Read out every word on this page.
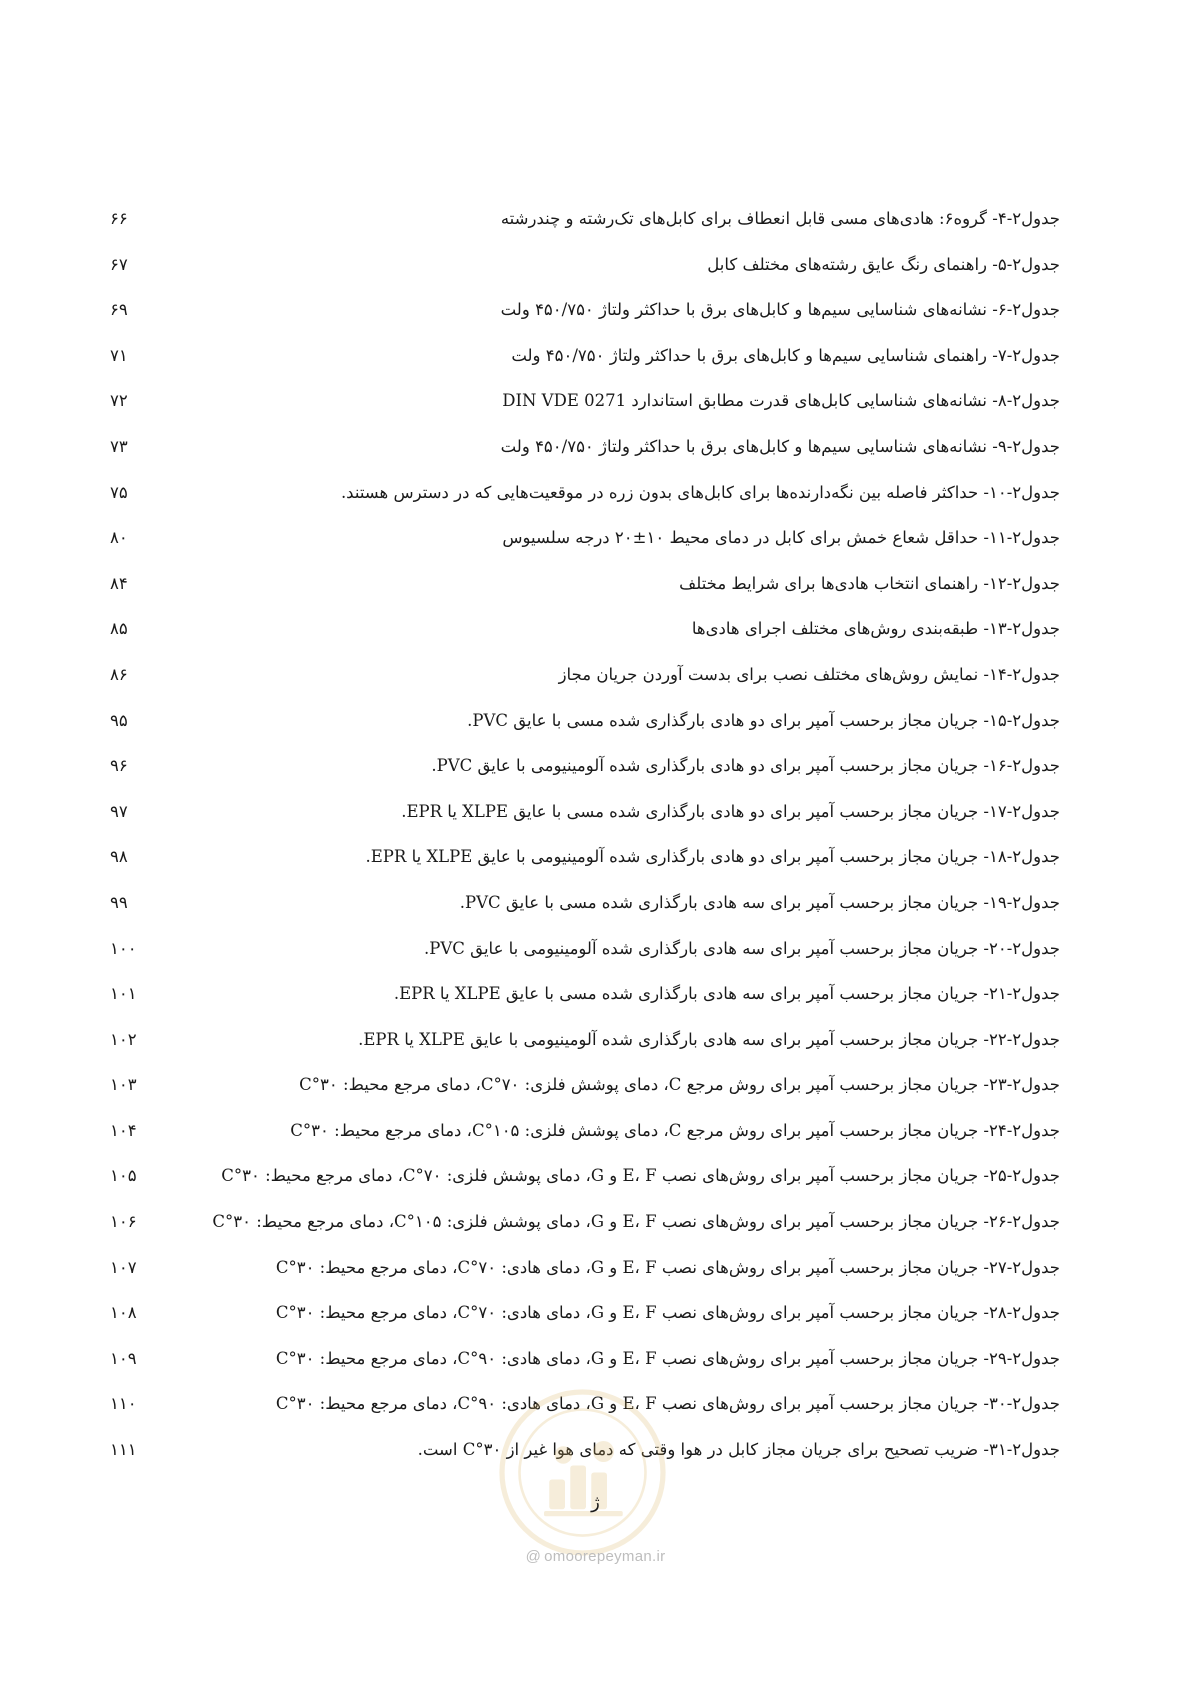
۶۶	جدول۲-۴- گروه۶: هادی‌های مسی قابل انعطاف برای کابل‌های تک‌رشته و چندرشته
۶۷	جدول۲-۵- راهنمای رنگ عایق رشته‌های مختلف کابل
۶۹	جدول۲-۶- نشانه‌های شناسایی سیم‌ها و کابل‌های برق با حداکثر ولتاژ ۴۵۰/۷۵۰ ولت
۷۱	جدول۲-۷- راهنمای شناسایی سیم‌ها و کابل‌های برق با حداکثر ولتاژ ۴۵۰/۷۵۰ ولت
۷۲	جدول۲-۸- نشانه‌های شناسایی کابل‌های قدرت مطابق استاندارد DIN VDE 0271
۷۳	جدول۲-۹- نشانه‌های شناسایی سیم‌ها و کابل‌های برق با حداکثر ولتاژ ۴۵۰/۷۵۰ ولت
۷۵	جدول۲-۱۰- حداکثر فاصله بین نگه‌دارنده‌ها برای کابل‌های بدون زره در موقعیت‌هایی که در دسترس هستند.
۸۰	جدول۲-۱۱- حداقل شعاع خمش برای کابل در دمای محیط ۱۰±۲۰ درجه سلسیوس
۸۴	جدول۲-۱۲- راهنمای انتخاب هادی‌ها برای شرایط مختلف
۸۵	جدول۲-۱۳- طبقه‌بندی روش‌های مختلف اجرای هادی‌ها
۸۶	جدول۲-۱۴- نمایش روش‌های مختلف نصب برای بدست آوردن جریان مجاز
۹۵	جدول۲-۱۵- جریان مجاز برحسب آمپر برای دو هادی بارگذاری شده مسی با عایق PVC.
۹۶	جدول۲-۱۶- جریان مجاز برحسب آمپر برای دو هادی بارگذاری شده آلومینیومی با عایق PVC.
۹۷	جدول۲-۱۷- جریان مجاز برحسب آمپر برای دو هادی بارگذاری شده مسی با عایق XLPE یا EPR.
۹۸	جدول۲-۱۸- جریان مجاز برحسب آمپر برای دو هادی بارگذاری شده آلومینیومی با عایق XLPE یا EPR.
۹۹	جدول۲-۱۹- جریان مجاز برحسب آمپر برای سه هادی بارگذاری شده مسی با عایق PVC.
۱۰۰	جدول۲-۲۰- جریان مجاز برحسب آمپر برای سه هادی بارگذاری شده آلومینیومی با عایق PVC.
۱۰۱	جدول۲-۲۱- جریان مجاز برحسب آمپر برای سه هادی بارگذاری شده مسی با عایق XLPE یا EPR.
۱۰۲	جدول۲-۲۲- جریان مجاز برحسب آمپر برای سه هادی بارگذاری شده آلومینیومی با عایق XLPE یا EPR.
۱۰۳	جدول۲-۲۳- جریان مجاز برحسب آمپر برای روش مرجع C، دمای پوشش فلزی: ۷۰°C، دمای مرجع محیط: ۳۰°C
۱۰۴	جدول۲-۲۴- جریان مجاز برحسب آمپر برای روش مرجع C، دمای پوشش فلزی: ۱۰۵°C، دمای مرجع محیط: ۳۰°C
۱۰۵	جدول۲-۲۵- جریان مجاز برحسب آمپر برای روش‌های نصب E، F و G، دمای پوشش فلزی: ۷۰°C، دمای مرجع محیط: ۳۰°C
۱۰۶	جدول۲-۲۶- جریان مجاز برحسب آمپر برای روش‌های نصب E، F و G، دمای پوشش فلزی: ۱۰۵°C، دمای مرجع محیط: ۳۰°C
۱۰۷	جدول۲-۲۷- جریان مجاز برحسب آمپر برای روش‌های نصب E، F و G، دمای هادی: ۷۰°C، دمای مرجع محیط: ۳۰°C
۱۰۸	جدول۲-۲۸- جریان مجاز برحسب آمپر برای روش‌های نصب E، F و G، دمای هادی: ۷۰°C، دمای مرجع محیط: ۳۰°C
۱۰۹	جدول۲-۲۹- جریان مجاز برحسب آمپر برای روش‌های نصب E، F و G، دمای هادی: ۹۰°C، دمای مرجع محیط: ۳۰°C
۱۱۰	جدول۲-۳۰- جریان مجاز برحسب آمپر برای روش‌های نصب E، F و G، دمای هادی: ۹۰°C، دمای مرجع محیط: ۳۰°C
۱۱۱	جدول۲-۳۱- ضریب تصحیح برای جریان مجاز کابل در هوا وقتی که دمای هوا غیر از ۳۰°C است.
ژ
@ omoorepeyman.ir
